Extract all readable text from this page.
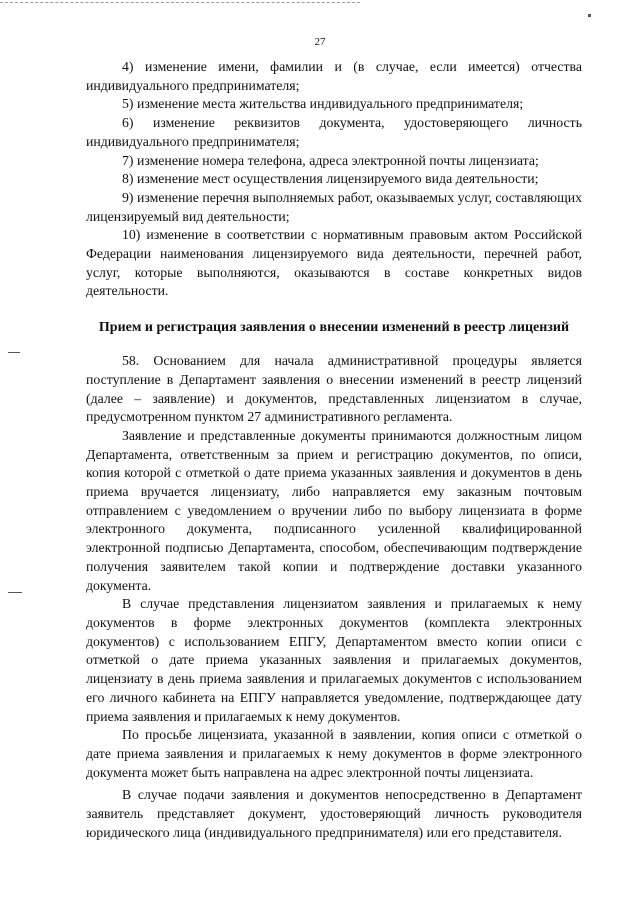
27

4) изменение имени, фамилии и (в случае, если имеется) отчества индивидуального предпринимателя;

5) изменение места жительства индивидуального предпринимателя;

6) изменение реквизитов документа, удостоверяющего личность индивидуального предпринимателя;

7) изменение номера телефона, адреса электронной почты лицензиата;

8) изменение мест осуществления лицензируемого вида деятельности;

9) изменение перечня выполняемых работ, оказываемых услуг, составляющих лицензируемый вид деятельности;

10) изменение в соответствии с нормативным правовым актом Российской Федерации наименования лицензируемого вида деятельности, перечней работ, услуг, которые выполняются, оказываются в составе конкретных видов деятельности.

Прием и регистрация заявления о внесении изменений в реестр лицензий

58. Основанием для начала административной процедуры является поступление в Департамент заявления о внесении изменений в реестр лицензий (далее – заявление) и документов, представленных лицензиатом в случае, предусмотренном пунктом 27 административного регламента.

Заявление и представленные документы принимаются должностным лицом Департамента, ответственным за прием и регистрацию документов, по описи, копия которой с отметкой о дате приема указанных заявления и документов в день приема вручается лицензиату, либо направляется ему заказным почтовым отправлением с уведомлением о вручении либо по выбору лицензиата в форме электронного документа, подписанного усиленной квалифицированной электронной подписью Департамента, способом, обеспечивающим подтверждение получения заявителем такой копии и подтверждение доставки указанного документа.

В случае представления лицензиатом заявления и прилагаемых к нему документов в форме электронных документов (комплекта электронных документов) с использованием ЕПГУ, Департаментом вместо копии описи с отметкой о дате приема указанных заявления и прилагаемых документов, лицензиату в день приема заявления и прилагаемых документов с использованием его личного кабинета на ЕПГУ направляется уведомление, подтверждающее дату приема заявления и прилагаемых к нему документов.

По просьбе лицензиата, указанной в заявлении, копия описи с отметкой о дате приема заявления и прилагаемых к нему документов в форме электронного документа может быть направлена на адрес электронной почты лицензиата.

В случае подачи заявления и документов непосредственно в Департамент заявитель представляет документ, удостоверяющий личность руководителя юридического лица (индивидуального предпринимателя) или его представителя.
